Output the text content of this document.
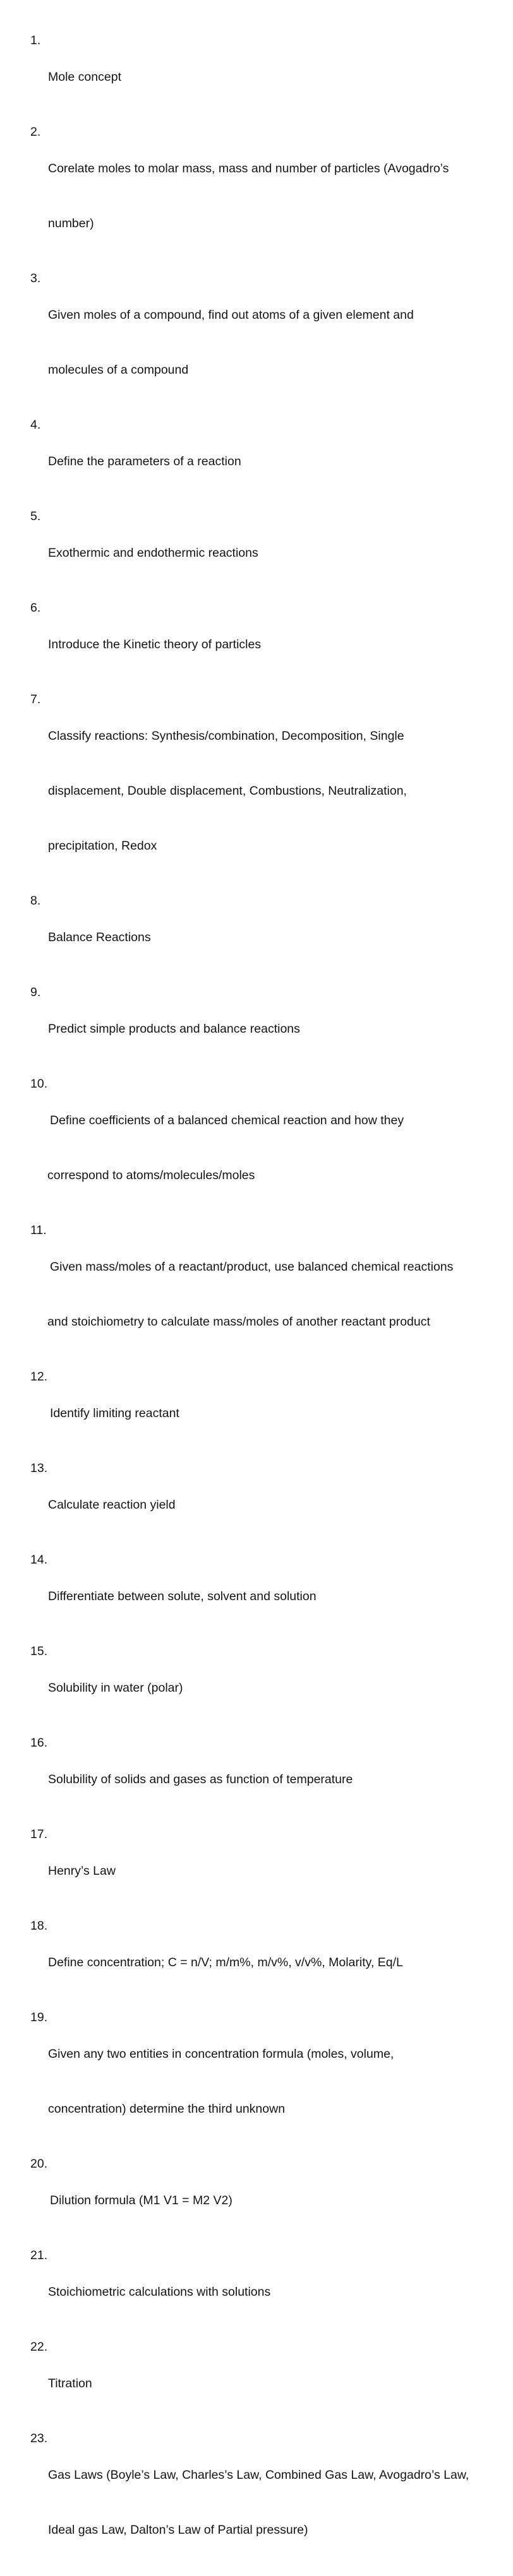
1.

Mole concept

2.

Corelate moles to molar mass, mass and number of particles (Avogadro’s

number)

3.

Given moles of a compound, find out atoms of a given element and

molecules of a compound

4.

Define the parameters of a reaction

5.

Exothermic and endothermic reactions

6.

Introduce the Kinetic theory of particles

7.

Classify reactions: Synthesis/combination, Decomposition, Single

displacement, Double displacement, Combustions, Neutralization,

precipitation, Redox

8.

Balance Reactions

9.

Predict simple products and balance reactions

10.

Define coefficients of a balanced chemical reaction and how they

correspond to atoms/molecules/moles

11.

Given mass/moles of a reactant/product, use balanced chemical reactions

and stoichiometry to calculate mass/moles of another reactant product

12.

Identify limiting reactant

13.

Calculate reaction yield

14.

Differentiate between solute, solvent and solution

15.

Solubility in water (polar)

16.

Solubility of solids and gases as function of temperature

17.

Henry’s Law

18.

Define concentration; C = n/V; m/m%, m/v%, v/v%, Molarity, Eq/L

19.

Given any two entities in concentration formula (moles, volume,

concentration) determine the third unknown

20.

Dilution formula (M1 V1 = M2 V2)

21.

Stoichiometric calculations with solutions

22.

Titration

23.

Gas Laws (Boyle’s Law, Charles’s Law, Combined Gas Law, Avogadro’s Law,

Ideal gas Law, Dalton’s Law of Partial pressure)
